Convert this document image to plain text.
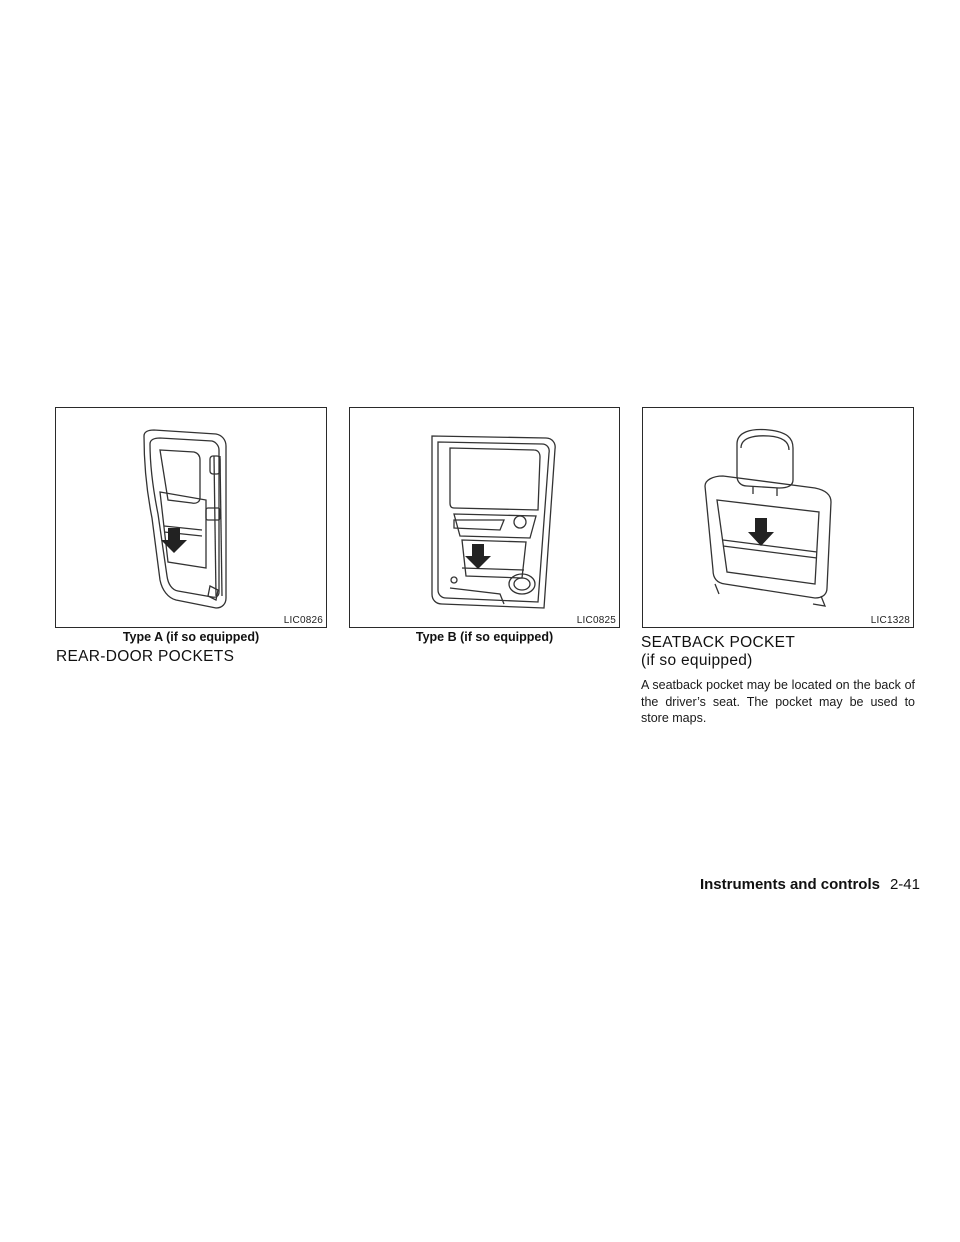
LIC0826	LIC0825	LIC1328
Type A (if so equipped)	Type B (if so equipped)
REAR-DOOR POCKETS
SEATBACK POCKET
(if so equipped)
A seatback pocket may be located on the back of the driver’s seat. The pocket may be used to store maps.
Instruments and controls 2-41
